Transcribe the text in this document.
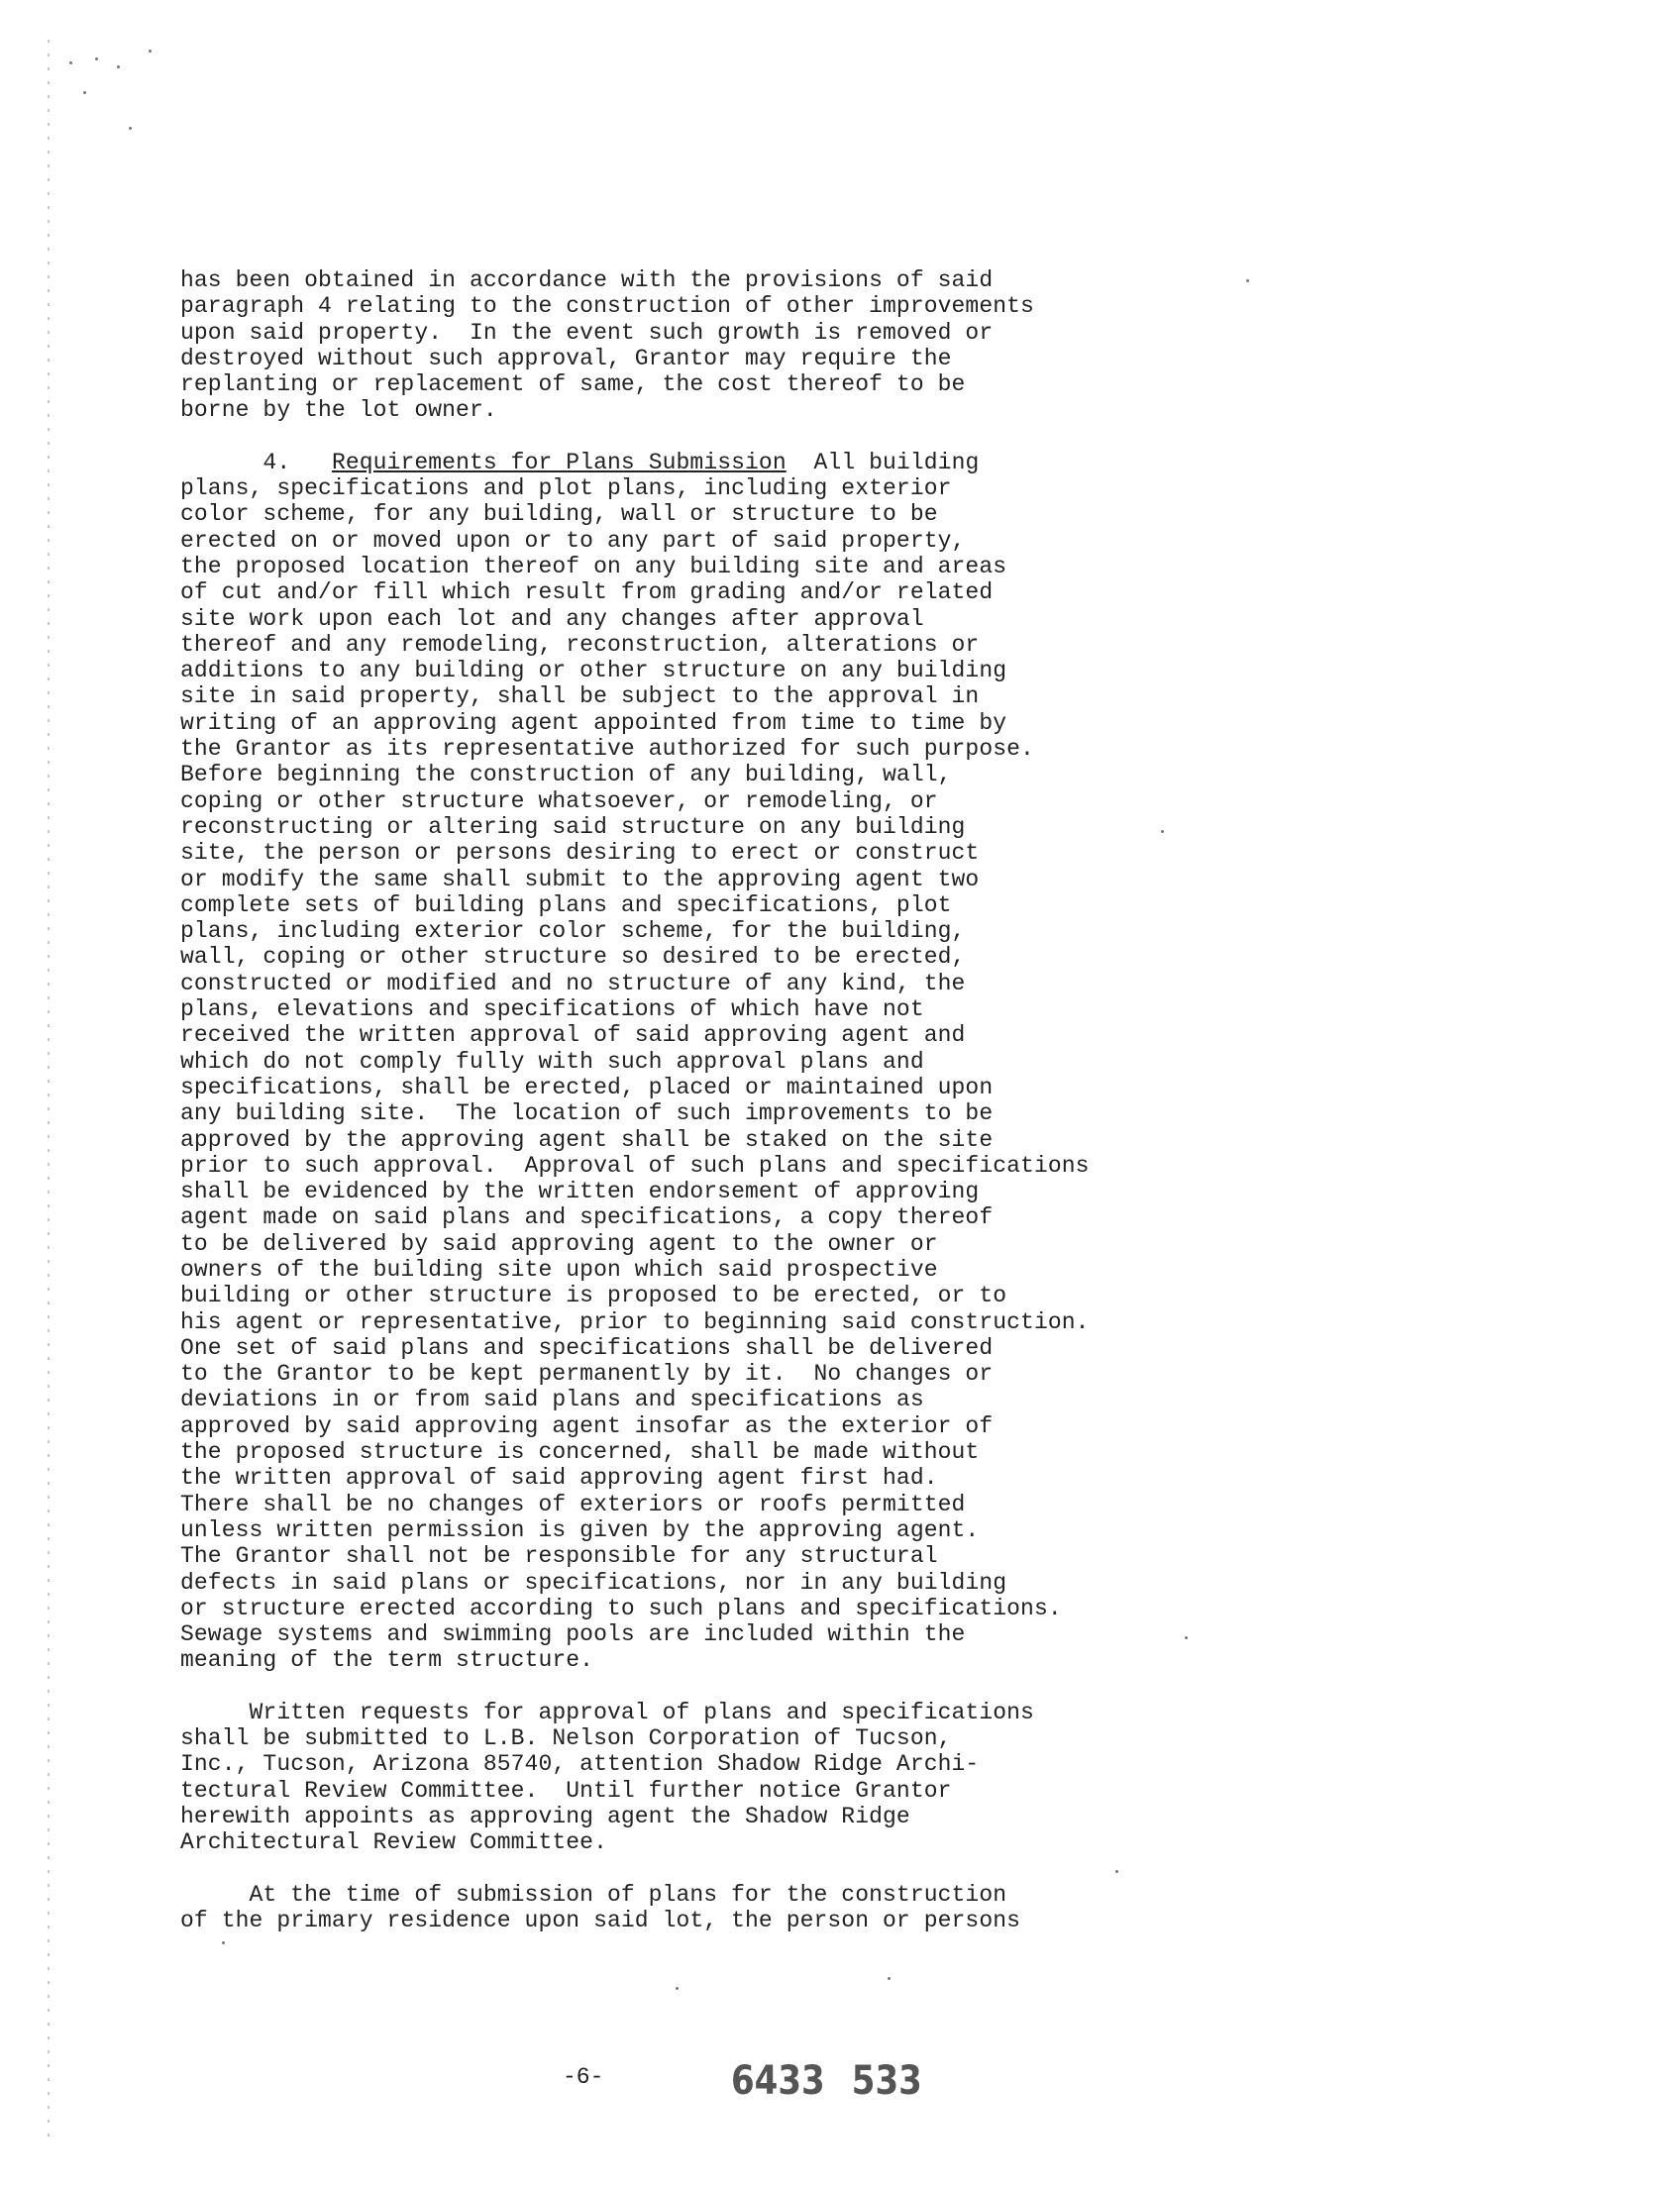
has been obtained in accordance with the provisions of said
paragraph 4 relating to the construction of other improvements
upon said property.  In the event such growth is removed or
destroyed without such approval, Grantor may require the
replanting or replacement of same, the cost thereof to be
borne by the lot owner.

4. Requirements for Plans Submission All building
plans, specifications and plot plans, including exterior
color scheme, for any building, wall or structure to be
erected on or moved upon or to any part of said property,
the proposed location thereof on any building site and areas
of cut and/or fill which result from grading and/or related
site work upon each lot and any changes after approval
thereof and any remodeling, reconstruction, alterations or
additions to any building or other structure on any building
site in said property, shall be subject to the approval in
writing of an approving agent appointed from time to time by
the Grantor as its representative authorized for such purpose.
Before beginning the construction of any building, wall,
coping or other structure whatsoever, or remodeling, or
reconstructing or altering said structure on any building
site, the person or persons desiring to erect or construct
or modify the same shall submit to the approving agent two
complete sets of building plans and specifications, plot
plans, including exterior color scheme, for the building,
wall, coping or other structure so desired to be erected,
constructed or modified and no structure of any kind, the
plans, elevations and specifications of which have not
received the written approval of said approving agent and
which do not comply fully with such approval plans and
specifications, shall be erected, placed or maintained upon
any building site.  The location of such improvements to be
approved by the approving agent shall be staked on the site
prior to such approval.  Approval of such plans and specifications
shall be evidenced by the written endorsement of approving
agent made on said plans and specifications, a copy thereof
to be delivered by said approving agent to the owner or
owners of the building site upon which said prospective
building or other structure is proposed to be erected, or to
his agent or representative, prior to beginning said construction.
One set of said plans and specifications shall be delivered
to the Grantor to be kept permanently by it.  No changes or
deviations in or from said plans and specifications as
approved by said approving agent insofar as the exterior of
the proposed structure is concerned, shall be made without
the written approval of said approving agent first had.
There shall be no changes of exteriors or roofs permitted
unless written permission is given by the approving agent.
The Grantor shall not be responsible for any structural
defects in said plans or specifications, nor in any building
or structure erected according to such plans and specifications.
Sewage systems and swimming pools are included within the
meaning of the term structure.

Written requests for approval of plans and specifications
shall be submitted to L.B. Nelson Corporation of Tucson,
Inc., Tucson, Arizona 85740, attention Shadow Ridge Archi-
tectural Review Committee.  Until further notice Grantor
herewith appoints as approving agent the Shadow Ridge
Architectural Review Committee.

At the time of submission of plans for the construction
of the primary residence upon said lot, the person or persons

-6-	6433     533
